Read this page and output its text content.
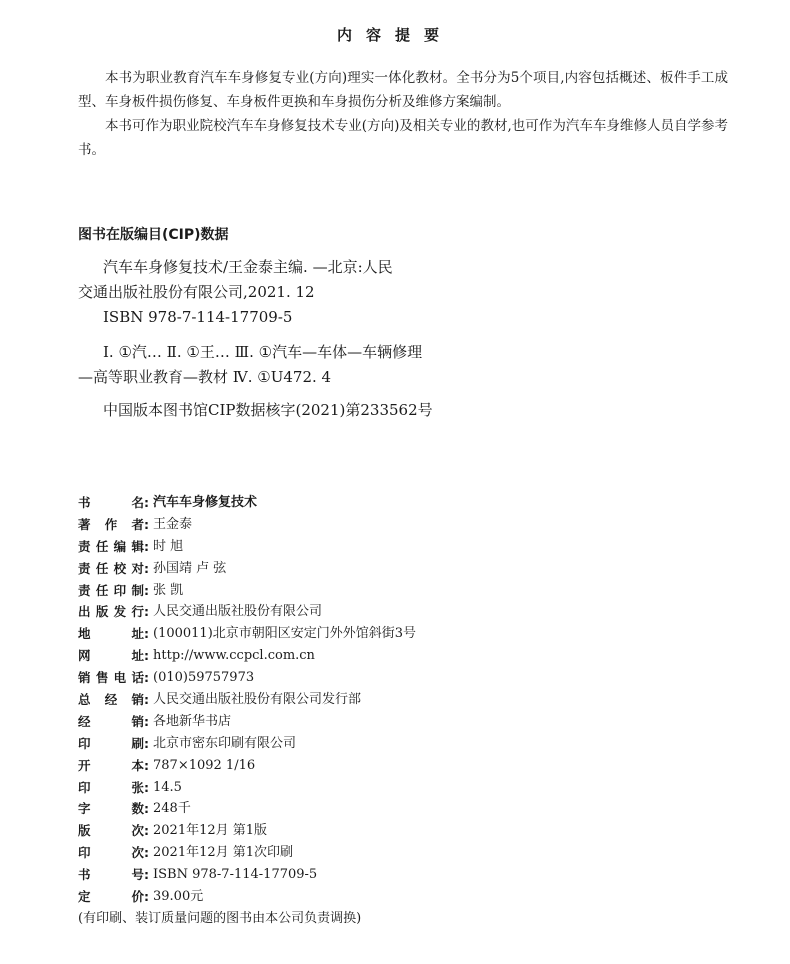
内容提要

本书为职业教育汽车车身修复专业(方向)理实一体化教材。全书分为5个项目,内容包括概述、板件手工成型、车身板件损伤修复、车身板件更换和车身损伤分析及维修方案编制。

本书可作为职业院校汽车车身修复技术专业(方向)及相关专业的教材,也可作为汽车车身维修人员自学参考书。

图书在版编目(CIP)数据
汽车车身修复技术/王金泰主编. —北京:人民
交通出版社股份有限公司,2021. 12
ISBN 978-7-114-17709-5
Ⅰ. ①汽… Ⅱ. ①王… Ⅲ. ①汽车—车体—车辆修理
—高等职业教育—教材 Ⅳ. ①U472. 4
中国版本图书馆CIP数据核字(2021)第233562号
书名 : 汽车车身修复技术
著作者 : 王金泰
责任编辑 : 时 旭
责任校对 : 孙国靖 卢 弦
责任印制 : 张 凯
出版发行 : 人民交通出版社股份有限公司
地址 : (100011)北京市朝阳区安定门外外馆斜街3号
网址 : http://www.ccpcl.com.cn
销售电话 : (010)59757973
总经销 : 人民交通出版社股份有限公司发行部
经销 : 各地新华书店
印刷 : 北京市密东印刷有限公司
开本 : 787×1092 1/16
印张 : 14.5
字数 : 248千
版次 : 2021年12月 第1版
印次 : 2021年12月 第1次印刷
书号 : ISBN 978-7-114-17709-5
定价 : 39.00元
(有印刷、装订质量问题的图书由本公司负责调换)
